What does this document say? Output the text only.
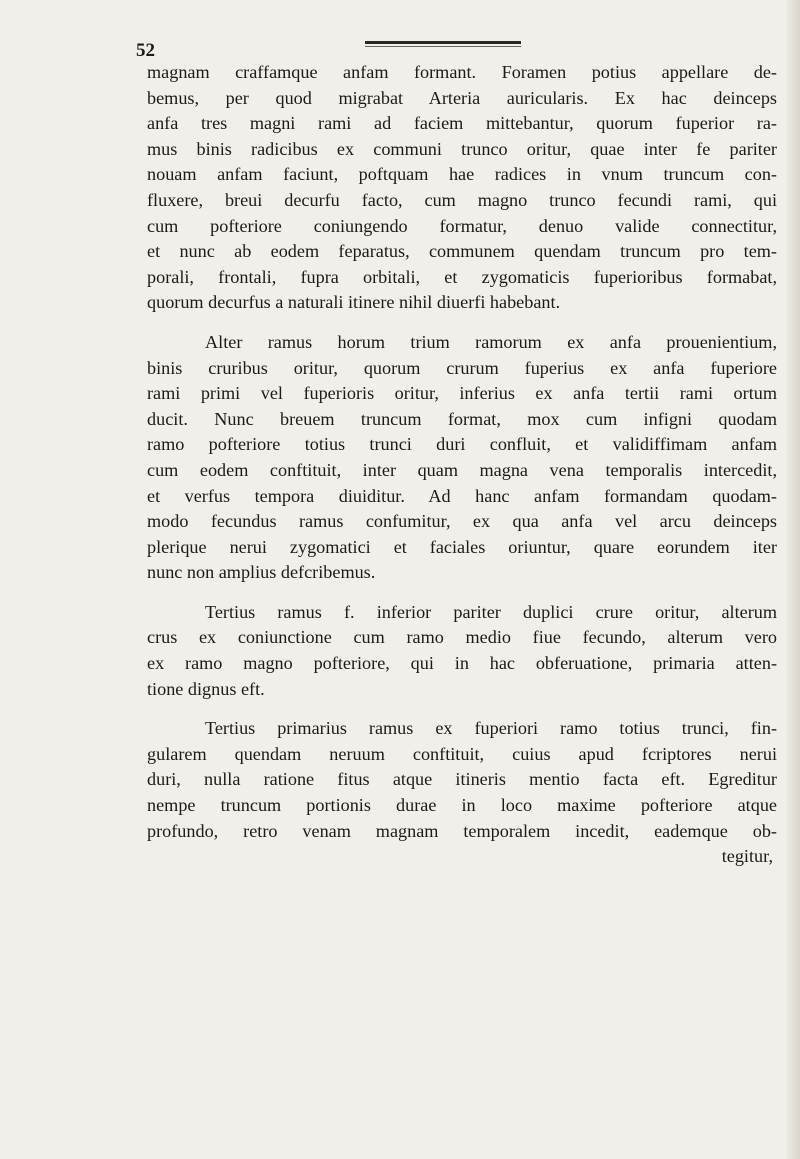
52

magnam craffamque anfam formant. Foramen potius appellare de-
bemus, per quod migrabat Arteria auricularis. Ex hac deinceps
anfa tres magni rami ad faciem mittebantur, quorum fuperior ra-
mus binis radicibus ex communi trunco oritur, quae inter fe pariter
nouam anfam faciunt, poftquam hae radices in vnum truncum con-
fluxere, breui decurfu facto, cum magno trunco fecundi rami, qui
cum pofteriore coniungendo formatur, denuo valide connectitur,
et nunc ab eodem feparatus, communem quendam truncum pro tem-
porali, frontali, fupra orbitali, et zygomaticis fuperioribus formabat,
quorum decurfus a naturali itinere nihil diuerfi habebant.

Alter ramus horum trium ramorum ex anfa prouenientium,
binis cruribus oritur, quorum crurum fuperius ex anfa fuperiore
rami primi vel fuperioris oritur, inferius ex anfa tertii rami ortum
ducit. Nunc breuem truncum format, mox cum infigni quodam
ramo pofteriore totius trunci duri confluit, et validiffimam anfam
cum eodem conftituit, inter quam magna vena temporalis intercedit,
et verfus tempora diuiditur. Ad hanc anfam formandam quodam-
modo fecundus ramus confumitur, ex qua anfa vel arcu deinceps
plerique nerui zygomatici et faciales oriuntur, quare eorundem iter
nunc non amplius defcribemus.

Tertius ramus f. inferior pariter duplici crure oritur, alterum
crus ex coniunctione cum ramo medio fiue fecundo, alterum vero
ex ramo magno pofteriore, qui in hac obferuatione, primaria atten-
tione dignus eft.

Tertius primarius ramus ex fuperiori ramo totius trunci, fin-
gularem quendam neruum conftituit, cuius apud fcriptores nerui
duri, nulla ratione fitus atque itineris mentio facta eft. Egreditur
nempe truncum portionis durae in loco maxime pofteriore atque
profundo, retro venam magnam temporalem incedit, eademque ob-
tegitur,
